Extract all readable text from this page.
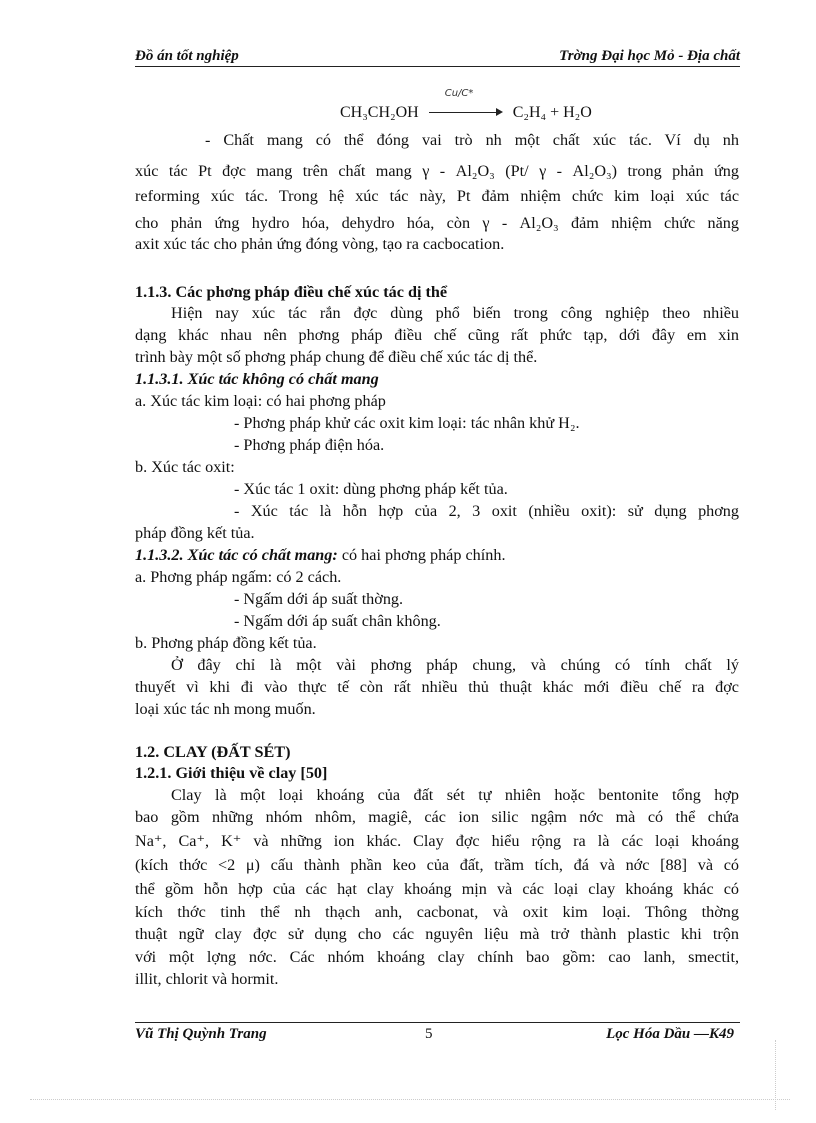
Đồ án tốt nghiệp	Trờng Đại học Mỏ - Địa chất
CH₃CH₂OH
Cu/C*
C₂H₄ + H₂O
- Chất mang có thể đóng vai trò nh một chất xúc tác. Ví dụ nh
xúc tác Pt đợc mang trên chất mang γ - Al₂O₃ (Pt/ γ - Al₂O₃) trong phản ứng
reforming xúc tác. Trong hệ xúc tác này, Pt đảm nhiệm chức kim loại xúc tác
cho phản ứng hydro hóa, dehydro hóa, còn γ - Al₂O₃ đảm nhiệm chức năng
axit xúc tác cho phản ứng đóng vòng, tạo ra cacbocation.
1.1.3. Các phơng pháp điều chế xúc tác dị thể
Hiện nay xúc tác rắn đợc dùng phổ biến trong công nghiệp theo nhiều
dạng khác nhau nên phơng pháp điều chế cũng rất phức tạp, dới đây em xin
trình bày một số phơng pháp chung để điều chế xúc tác dị thể.
1.1.3.1. Xúc tác không có chất mang
a. Xúc tác kim loại: có hai phơng pháp
- Phơng pháp khử các oxit kim loại: tác nhân khử H₂.
- Phơng pháp điện hóa.
b. Xúc tác oxit:
- Xúc tác 1 oxit: dùng phơng pháp kết tủa.
- Xúc tác là hỗn hợp của 2, 3 oxit (nhiều oxit): sử dụng phơng
pháp đồng kết tủa.
1.1.3.2. Xúc tác có chất mang: có hai phơng pháp chính.
a. Phơng pháp ngấm: có 2 cách.
- Ngấm dới áp suất thờng.
- Ngấm dới áp suất chân không.
b. Phơng pháp đồng kết tủa.
Ở đây chỉ là một vài phơng pháp chung, và chúng có tính chất lý
thuyết vì khi đi vào thực tế còn rất nhiều thủ thuật khác mới điều chế ra đợc
loại xúc tác nh mong muốn.
1.2. CLAY (ĐẤT SÉT)
1.2.1. Giới thiệu về clay [50]
Clay là một loại khoáng của đất sét tự nhiên hoặc bentonite tổng hợp
bao gồm những nhóm nhôm, magiê, các ion silic ngậm nớc mà có thể chứa
Na⁺, Ca⁺, K⁺ và những ion khác. Clay đợc hiểu rộng ra là các loại khoáng
(kích thớc <2 μ) cấu thành phần keo của đất, trầm tích, đá và nớc [88] và có
thể gồm hỗn hợp của các hạt clay khoáng mịn và các loại clay khoáng khác có
kích thớc tinh thể nh thạch anh, cacbonat, và oxit kim loại. Thông thờng
thuật ngữ clay đợc sử dụng cho các nguyên liệu mà trở thành plastic khi trộn
với một lợng nớc. Các nhóm khoáng clay chính bao gồm: cao lanh, smectit,
illit, chlorit và hormit.
Vũ Thị Quỳnh Trang	5	Lọc Hóa Dầu —K49
